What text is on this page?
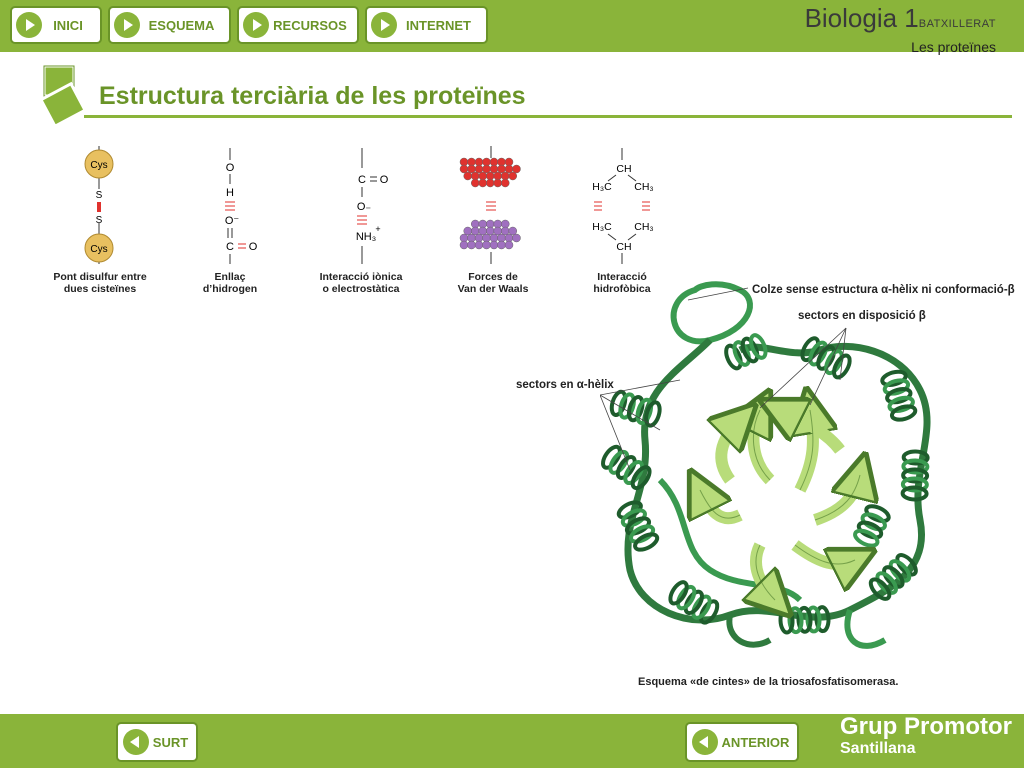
INICI	ESQUEMA	RECURSOS	INTERNET	Biologia 1BATXILLERAT
Les proteïnes
Estructura terciària de les proteïnes
Cys
S
S
Cys
Pont disulfur entre
dues cisteïnes
O
H
O⁻
C O
Enllaç
d’hidrogen
C O
O₋
NH₃
+
Interacció iònica
o electrostàtica
Forces de
Van der Waals
CH
H₃C CH₃
H₃C CH₃
CH
Interacció
hidrofòbica	Colze sense estructura α-hèlix ni conformació-β
sectors en disposició β
sectors en α-hèlix
Esquema «de cintes» de la triosafosfatisomerasa.
SURT	ANTERIOR
Grup Promotor
Santillana
